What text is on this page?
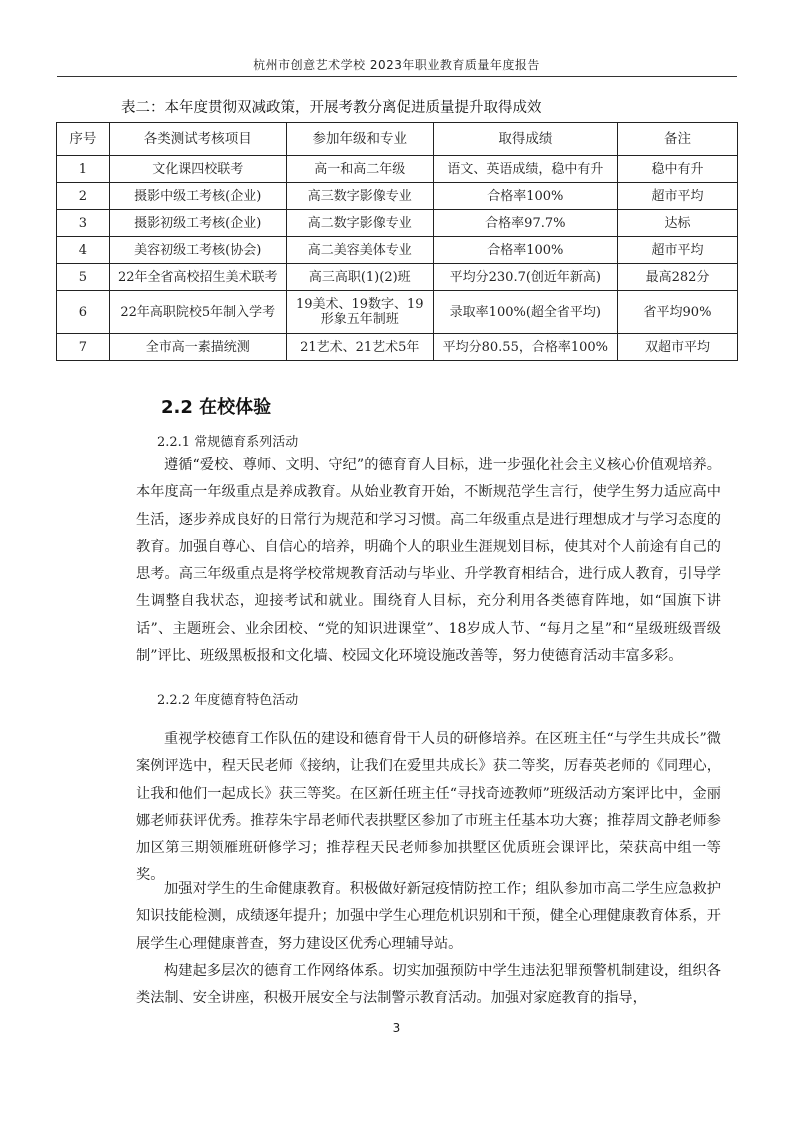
杭州市创意艺术学校 2023年职业教育质量年度报告
表二：本年度贯彻双减政策，开展考教分离促进质量提升取得成效
序号	各类测试考核项目	参加年级和专业	取得成绩	备注
1	文化课四校联考	高一和高二年级	语文、英语成绩，稳中有升	稳中有升
2	摄影中级工考核(企业)	高三数字影像专业	合格率100%	超市平均
3	摄影初级工考核(企业)	高二数字影像专业	合格率97.7%	达标
4	美容初级工考核(协会)	高二美容美体专业	合格率100%	超市平均
5	22年全省高校招生美术联考	高三高职(1)(2)班	平均分230.7(创近年新高)	最高282分
6	22年高职院校5年制入学考	19美术、19数字、19形象五年制班	录取率100%(超全省平均)	省平均90%
7	全市高一素描统测	21艺术、21艺术5年	平均分80.55，合格率100%	双超市平均
2.2 在校体验
2.2.1 常规德育系列活动

遵循“爱校、尊师、文明、守纪”的德育育人目标，进一步强化社会主义核心价值观培养。本年度高一年级重点是养成教育。从始业教育开始，不断规范学生言行，使学生努力适应高中生活，逐步养成良好的日常行为规范和学习习惯。高二年级重点是进行理想成才与学习态度的教育。加强自尊心、自信心的培养，明确个人的职业生涯规划目标，使其对个人前途有自己的思考。高三年级重点是将学校常规教育活动与毕业、升学教育相结合，进行成人教育，引导学生调整自我状态，迎接考试和就业。围绕育人目标，充分利用各类德育阵地，如“国旗下讲话”、主题班会、业余团校、“党的知识进课堂”、18岁成人节、“每月之星”和“星级班级晋级制”评比、班级黑板报和文化墙、校园文化环境设施改善等，努力使德育活动丰富多彩。

2.2.2 年度德育特色活动

重视学校德育工作队伍的建设和德育骨干人员的研修培养。在区班主任“与学生共成长”微案例评选中，程天民老师《接纳，让我们在爱里共成长》获二等奖，厉春英老师的《同理心，让我和他们一起成长》获三等奖。在区新任班主任“寻找奇迹教师”班级活动方案评比中，金丽娜老师获评优秀。推荐朱宇昂老师代表拱墅区参加了市班主任基本功大赛；推荐周文静老师参加区第三期领雁班研修学习；推荐程天民老师参加拱墅区优质班会课评比，荣获高中组一等奖。

加强对学生的生命健康教育。积极做好新冠疫情防控工作；组队参加市高二学生应急救护知识技能检测，成绩逐年提升；加强中学生心理危机识别和干预，健全心理健康教育体系，开展学生心理健康普查，努力建设区优秀心理辅导站。

构建起多层次的德育工作网络体系。切实加强预防中学生违法犯罪预警机制建设，组织各类法制、安全讲座，积极开展安全与法制警示教育活动。加强对家庭教育的指导，

3
